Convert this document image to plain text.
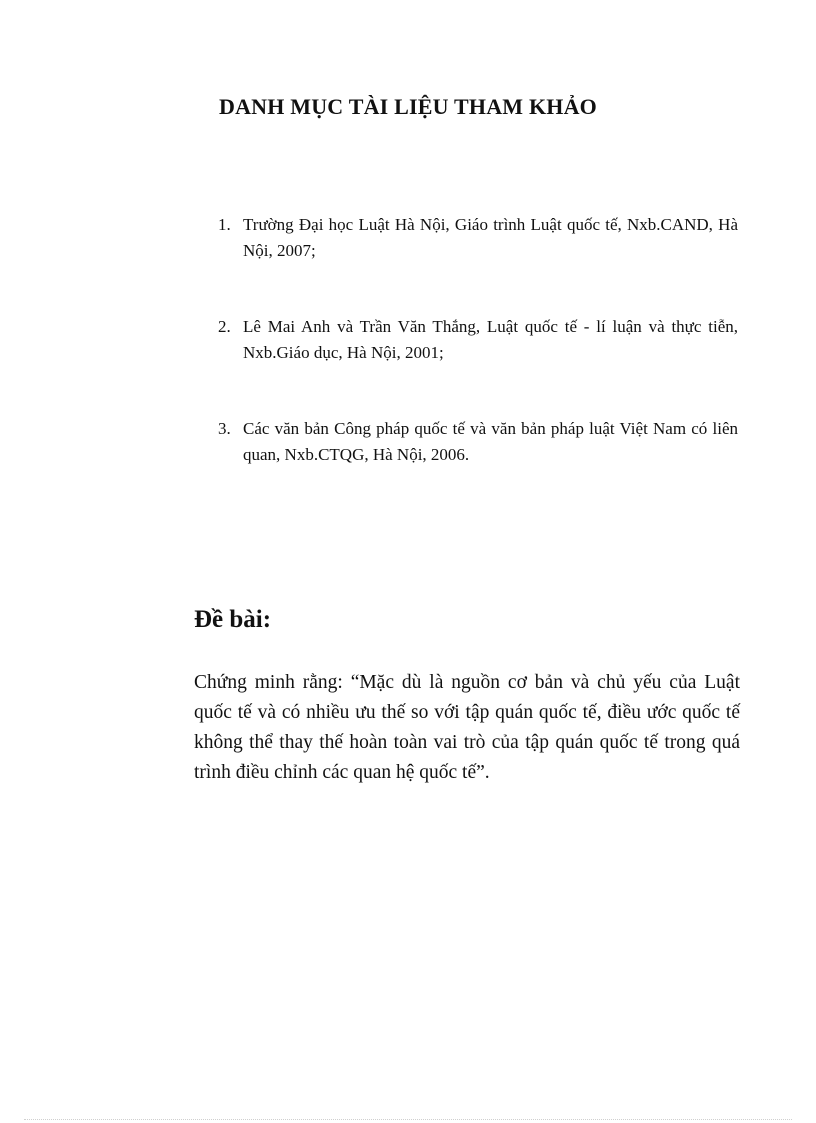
DANH MỤC TÀI LIỆU THAM KHẢO
1. Trường Đại học Luật Hà Nội, Giáo trình Luật quốc tế, Nxb.CAND, Hà Nội, 2007;
2. Lê Mai Anh và Trần Văn Thắng, Luật quốc tế - lí luận và thực tiễn, Nxb.Giáo dục, Hà Nội, 2001;
3. Các văn bản Công pháp quốc tế và văn bản pháp luật Việt Nam có liên quan, Nxb.CTQG, Hà Nội, 2006.
Đề bài:

Chứng minh rằng: “Mặc dù là nguồn cơ bản và chủ yếu của Luật quốc tế và có nhiều ưu thế so với tập quán quốc tế, điều ước quốc tế không thể thay thế hoàn toàn vai trò của tập quán quốc tế trong quá trình điều chỉnh các quan hệ quốc tế”.
